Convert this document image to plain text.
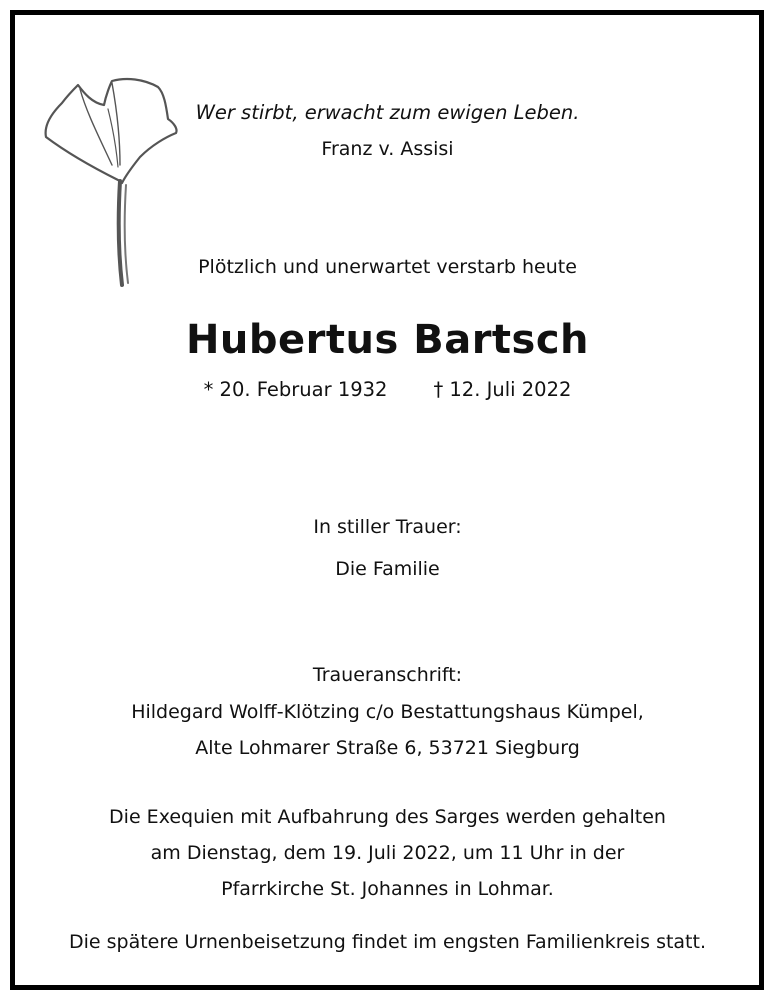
Wer stirbt, erwacht zum ewigen Leben.
Franz v. Assisi
Plötzlich und unerwartet verstarb heute
Hubertus Bartsch
* 20. Februar 1932 † 12. Juli 2022
In stiller Trauer:
Die Familie
Traueranschrift:
Hildegard Wolff-Klötzing c/o Bestattungshaus Kümpel,
Alte Lohmarer Straße 6, 53721 Siegburg
Die Exequien mit Aufbahrung des Sarges werden gehalten
am Dienstag, dem 19. Juli 2022, um 11 Uhr in der
Pfarrkirche St. Johannes in Lohmar.
Die spätere Urnenbeisetzung findet im engsten Familienkreis statt.
